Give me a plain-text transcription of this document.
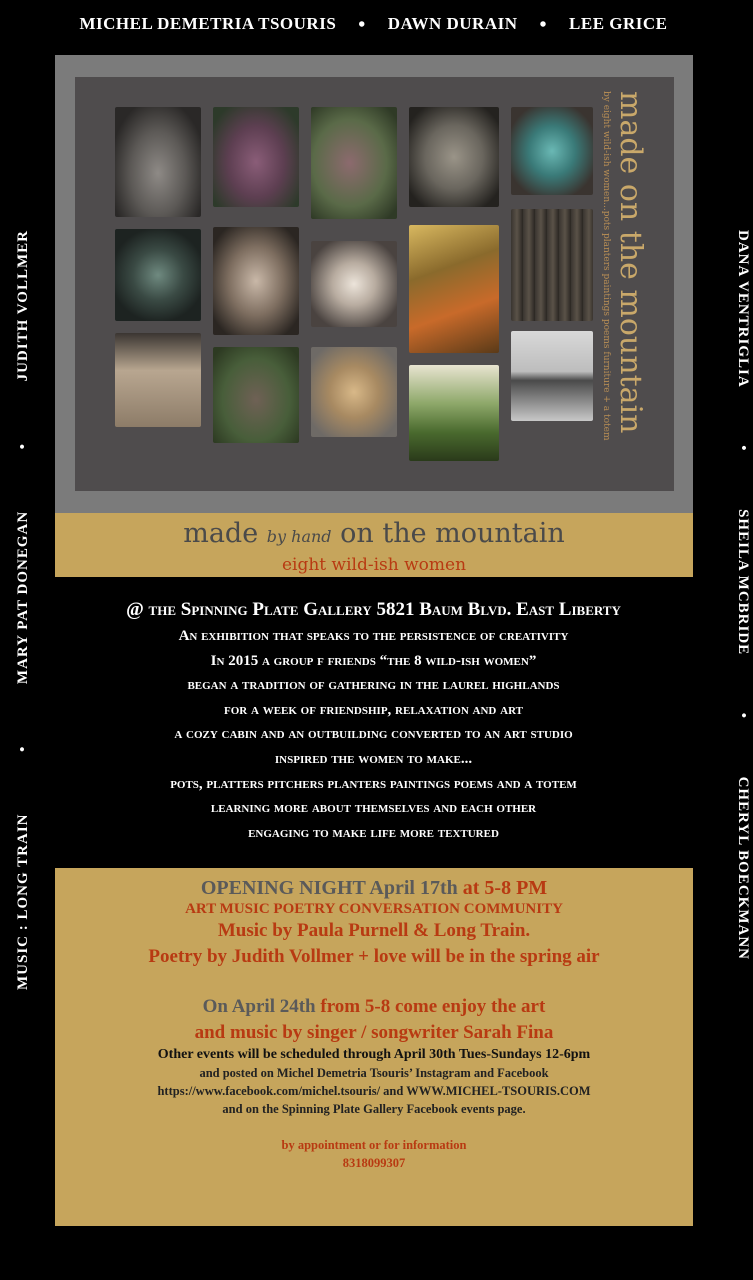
MICHEL DEMETRIA TSOURIS • DAWN DURAIN • LEE GRICE
MUSIC : LONG TRAIN
•
MARY PAT DONEGAN
•
JUDITH VOLLMER	DANA VENTRIGLIA
•
SHEILA MCBRIDE
•
CHERYL BOECKMANN
made on the mountain
by eight wild-ish women...pots planters paintings poems furniture + a totem
made by hand on the mountain
eight wild-ish women
@ the Spinning Plate Gallery 5821 Baum Blvd. East Liberty
An exhibition that speaks to the persistence of creativity
In 2015 a group f friends “the 8 wild-ish women”
began a tradition of gathering in the laurel highlands
for a week of friendship, relaxation and art
a cozy cabin and an outbuilding converted to an art studio
inspired the women to make...
pots, platters pitchers planters paintings poems and a totem
learning more about themselves and each other
engaging to make life more textured
OPENING NIGHT April 17th at 5-8 PM
ART MUSIC POETRY CONVERSATION COMMUNITY
Music by Paula Purnell & Long Train.
Poetry by Judith Vollmer + love will be in the spring air
On April 24th from 5-8 come enjoy the art
and music by singer / songwriter Sarah Fina
Other events will be scheduled through April 30th Tues-Sundays 12-6pm
and posted on Michel Demetria Tsouris’ Instagram and Facebook
https://www.facebook.com/michel.tsouris/ and WWW.MICHEL-TSOURIS.COM
and on the Spinning Plate Gallery Facebook events page.
by appointment or for information
8318099307
